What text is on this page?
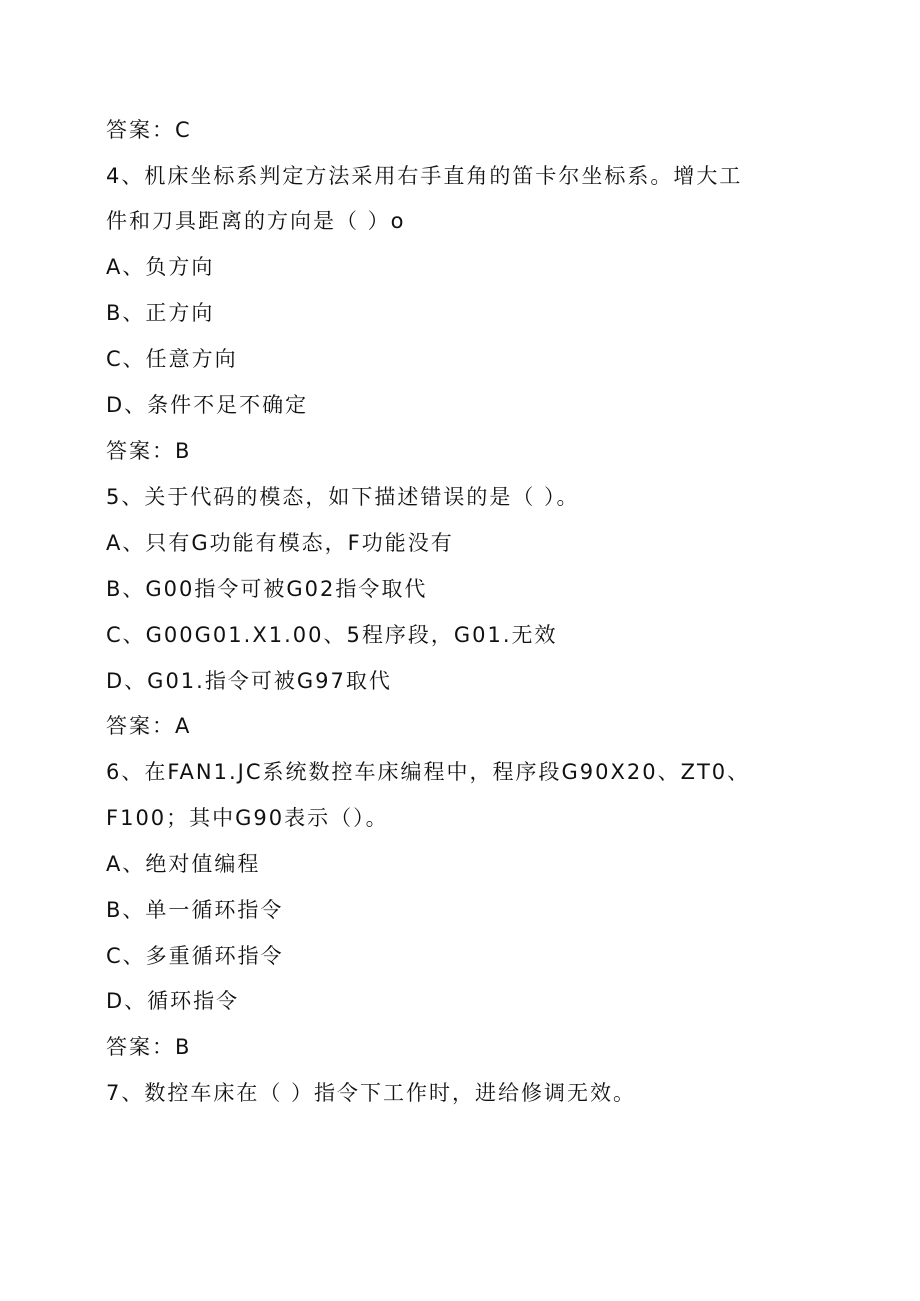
答案：C
4、机床坐标系判定方法采用右手直角的笛卡尔坐标系。增大工
件和刀具距离的方向是（ ）o
A、负方向
B、正方向
C、任意方向
D、条件不足不确定
答案：B
5、关于代码的模态，如下描述错误的是（ ）。
A、只有G功能有模态，F功能没有
B、G00指令可被G02指令取代
C、G00G01.X1.00、5程序段，G01.无效
D、G01.指令可被G97取代
答案：A
6、在FAN1.JC系统数控车床编程中，程序段G90X20、ZT0、
F100；其中G90表示（）。
A、绝对值编程
B、单一循环指令
C、多重循环指令
D、循环指令
答案：B
7、数控车床在（ ）指令下工作时，进给修调无效。
